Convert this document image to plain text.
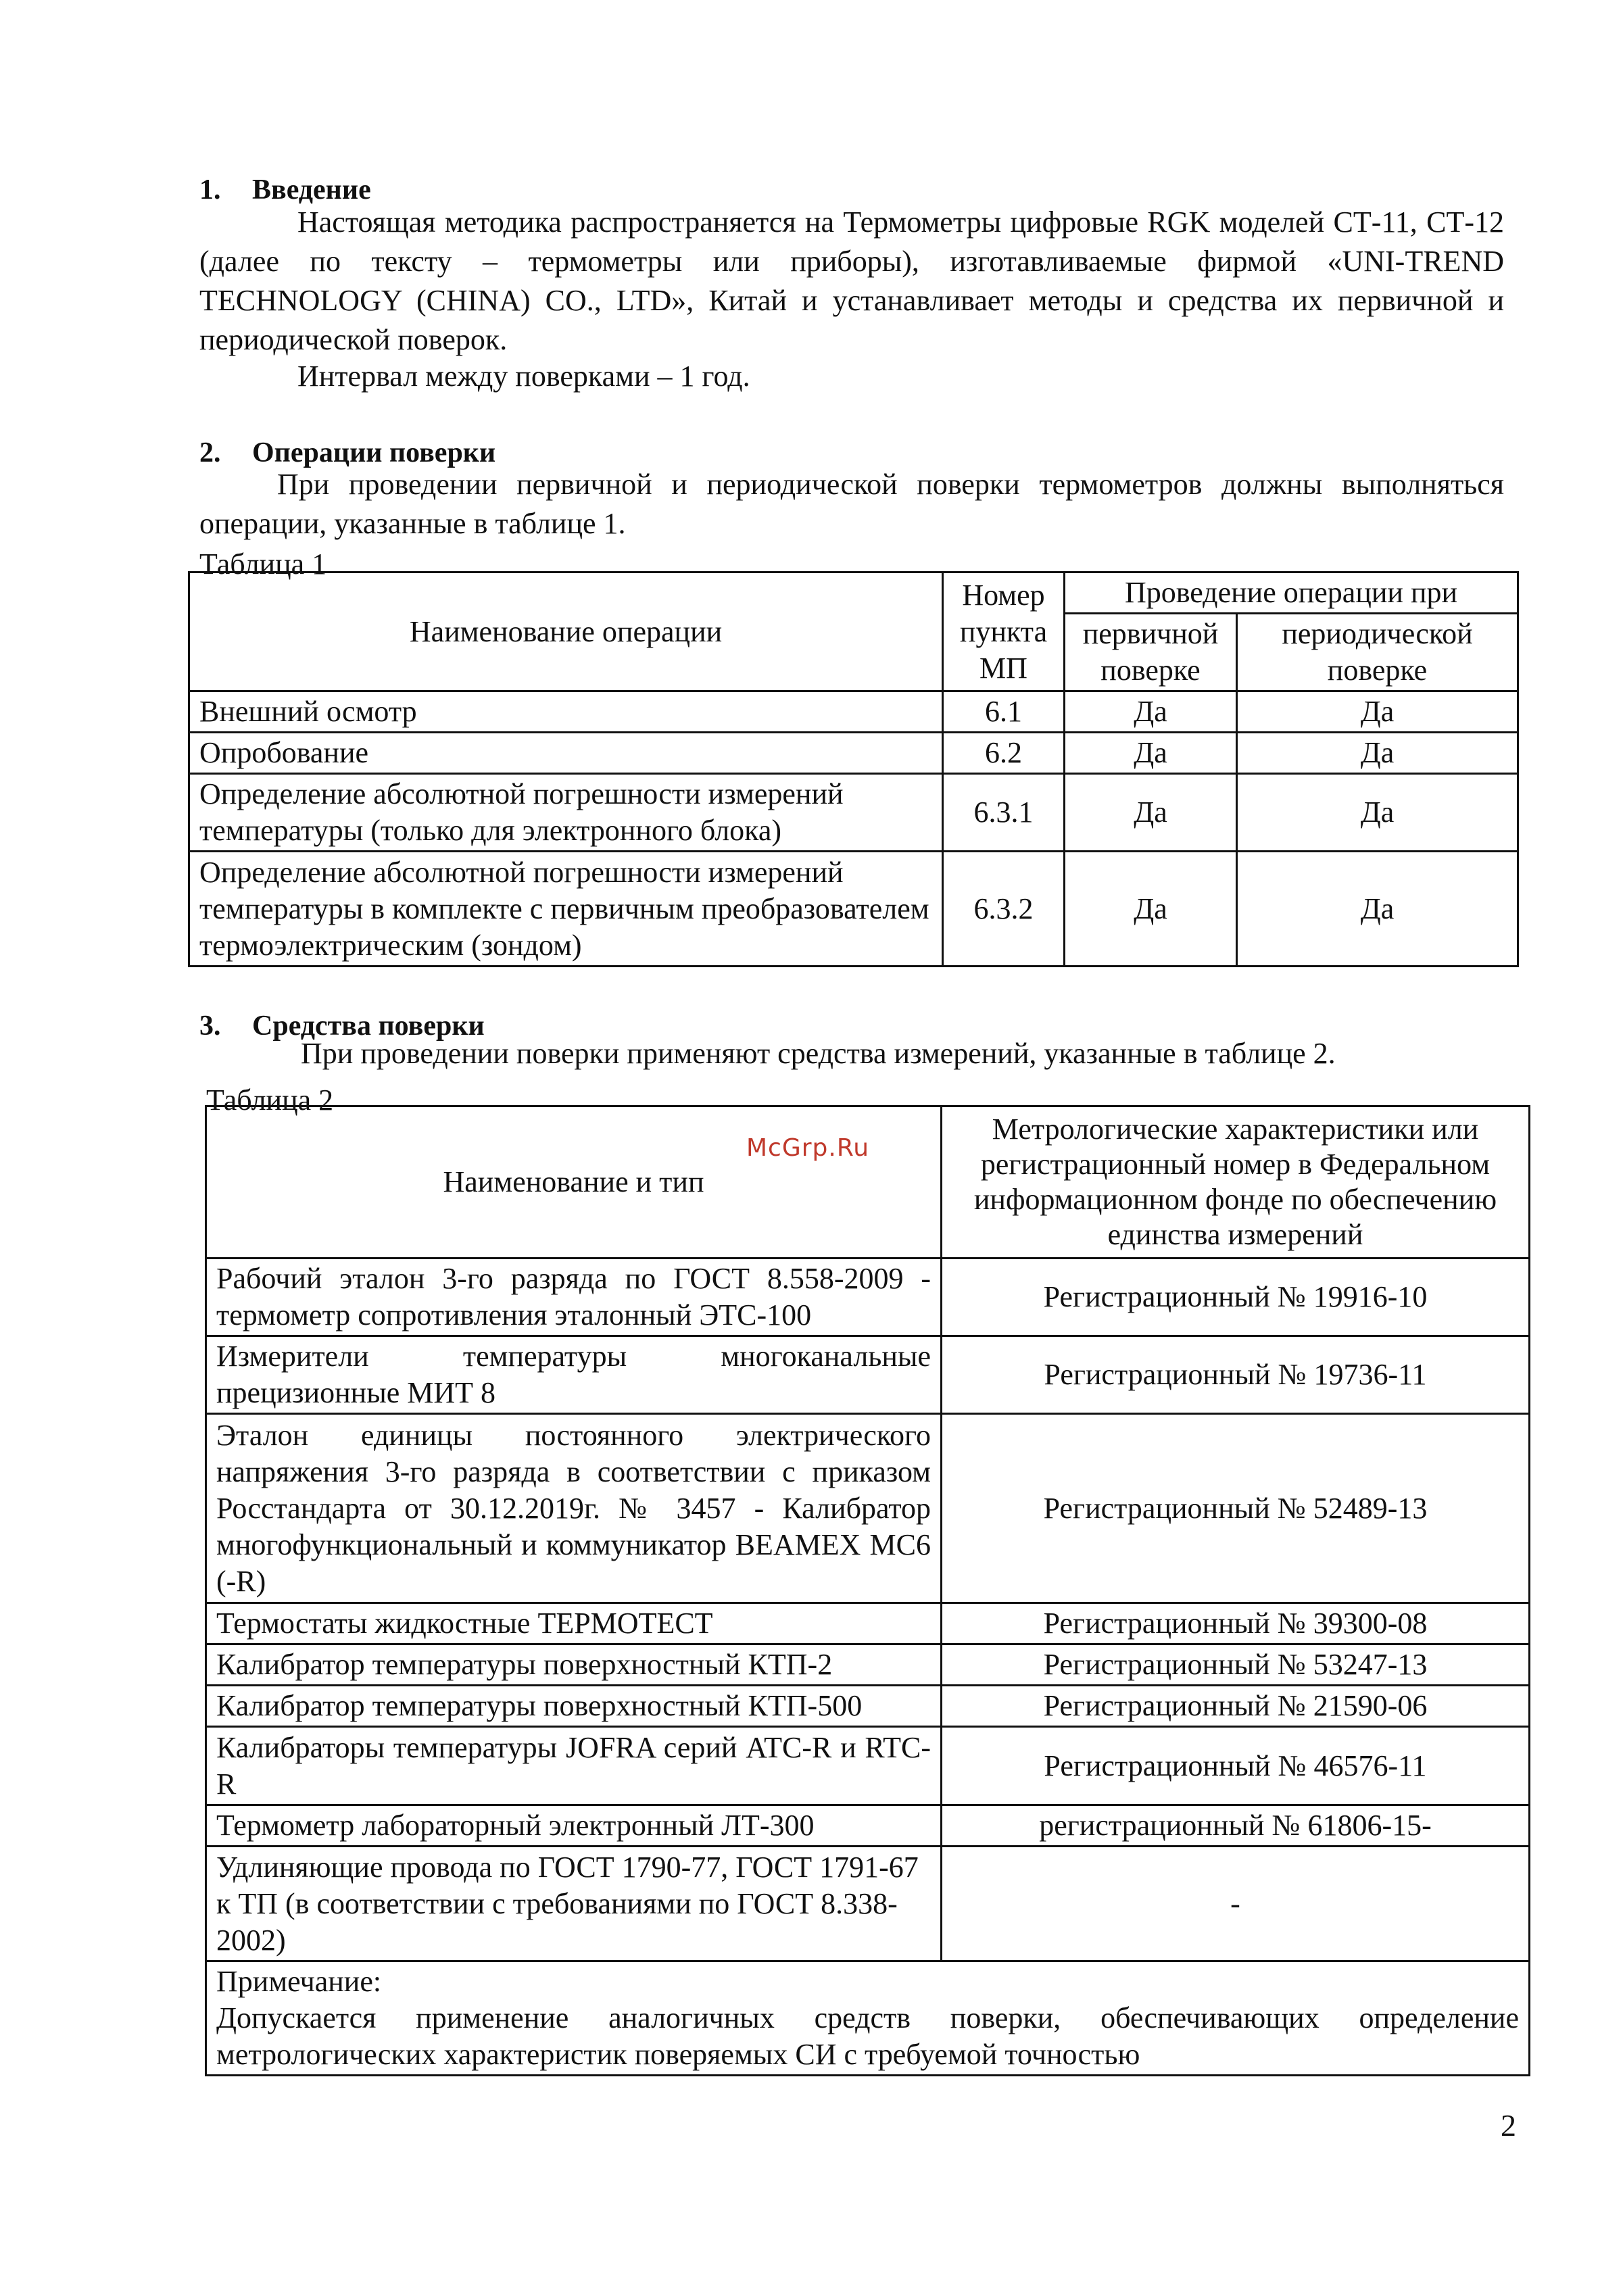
1. Введение
Настоящая методика распространяется на Термометры цифровые RGK моделей СТ-11, СТ-12 (далее по тексту – термометры или приборы), изготавливаемые фирмой «UNI-TREND TECHNOLOGY (CHINA) CO., LTD», Китай и устанавливает методы и средства их первичной и периодической поверок.
Интервал между поверками – 1 год.
2. Операции поверки
При проведении первичной и периодической поверки термометров должны выполняться операции, указанные в таблице 1.
Таблица 1
Наименование операции	Номер пункта МП	Проведение операции при	
		первичной поверке	периодической поверке
Внешний осмотр	6.1	Да	Да
Опробование	6.2	Да	Да
Определение абсолютной погрешности измерений температуры (только для электронного блока)	6.3.1	Да	Да
Определение абсолютной погрешности измерений температуры в комплекте с первичным преобразователем термоэлектрическим (зондом)	6.3.2	Да	Да
3. Средства поверки
При проведении поверки применяют средства измерений, указанные в таблице 2.
Таблица 2
Наименование и тип	Метрологические характеристики или регистрационный номер в Федеральном информационном фонде по обеспечению единства измерений
Рабочий эталон 3-го разряда по ГОСТ 8.558-2009 - термометр сопротивления эталонный ЭТС-100	Регистрационный № 19916-10
Измерители температуры многоканальные прецизионные МИТ 8	Регистрационный № 19736-11
Эталон единицы постоянного электрического напряжения 3-го разряда в соответствии с приказом Росстандарта от 30.12.2019г. № 3457 - Калибратор многофункциональный и коммуникатор BEAMEX MC6 (-R)	Регистрационный № 52489-13
Термостаты жидкостные ТЕРМОТЕСТ	Регистрационный № 39300-08
Калибратор температуры поверхностный КТП-2	Регистрационный № 53247-13
Калибратор температуры поверхностный КТП-500	Регистрационный № 21590-06
Калибраторы температуры JOFRA серий ATC-R и RTC-R	Регистрационный № 46576-11
Термометр лабораторный электронный ЛТ-300	регистрационный № 61806-15-
Удлиняющие провода по ГОСТ 1790-77, ГОСТ 1791-67 к ТП (в соответствии с требованиями по ГОСТ 8.338-2002)	-

Примечание:
Допускается применение аналогичных средств поверки, обеспечивающих определение метрологических характеристик поверяемых СИ с требуемой точностью	
McGrp.Ru
2
